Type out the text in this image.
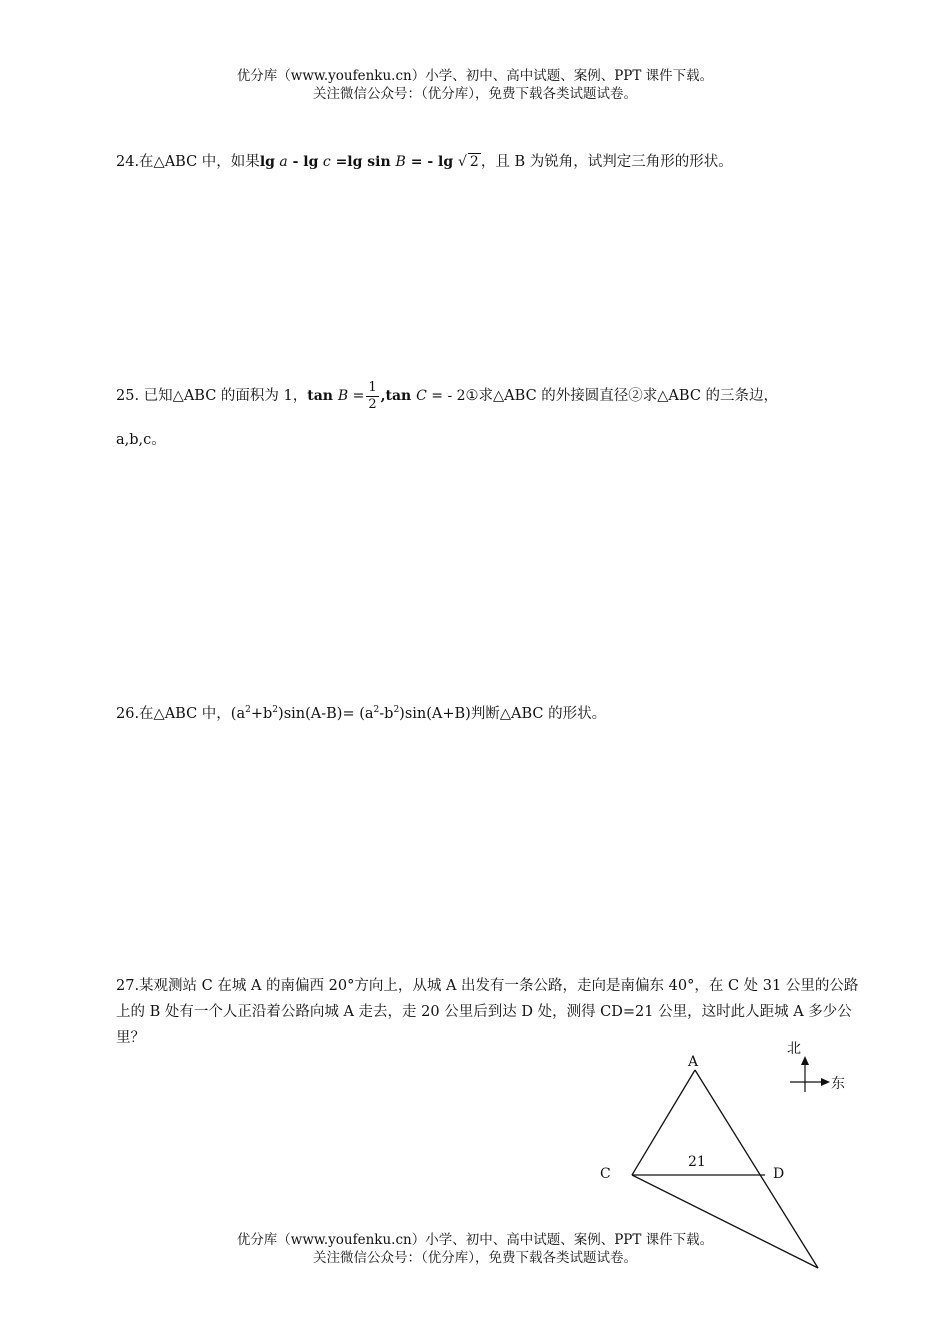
优分库（www.youfenku.cn）小学、初中、高中试题、案例、PPT 课件下载。
关注微信公众号：（优分库），免费下载各类试题试卷。
24.在△ABC 中，如果lg a - lg c =lg sin B = - lg √ 2 ，且 B 为锐角，试判定三角形的形状。
25. 已知△ABC 的面积为 1，$\tan B = \frac{1}{2} ,\tan$ C = - 2①求△ABC 的外接圆直径②求△ABC 的三条边，
a,b,c。
26.在△ABC 中，$(a^2+b^2)\sin(A-B)= (a^2-b^2)\sin(A+B)$判断△ABC 的形状。
27.某观测站 C 在城 A 的南偏西 20°方向上，从城 A 出发有一条公路，走向是南偏东 40°，在 C 处 31 公里的公路上的 B 处有一个人正沿着公路向城 A 走去，走 20 公里后到达 D 处，测得 CD=21 公里，这时此人距城 A 多少公里？
A
C	D
21
北
东
优分库（www.youfenku.cn）小学、初中、高中试题、案例、PPT 课件下载。
关注微信公众号：（优分库），免费下载各类试题试卷。
